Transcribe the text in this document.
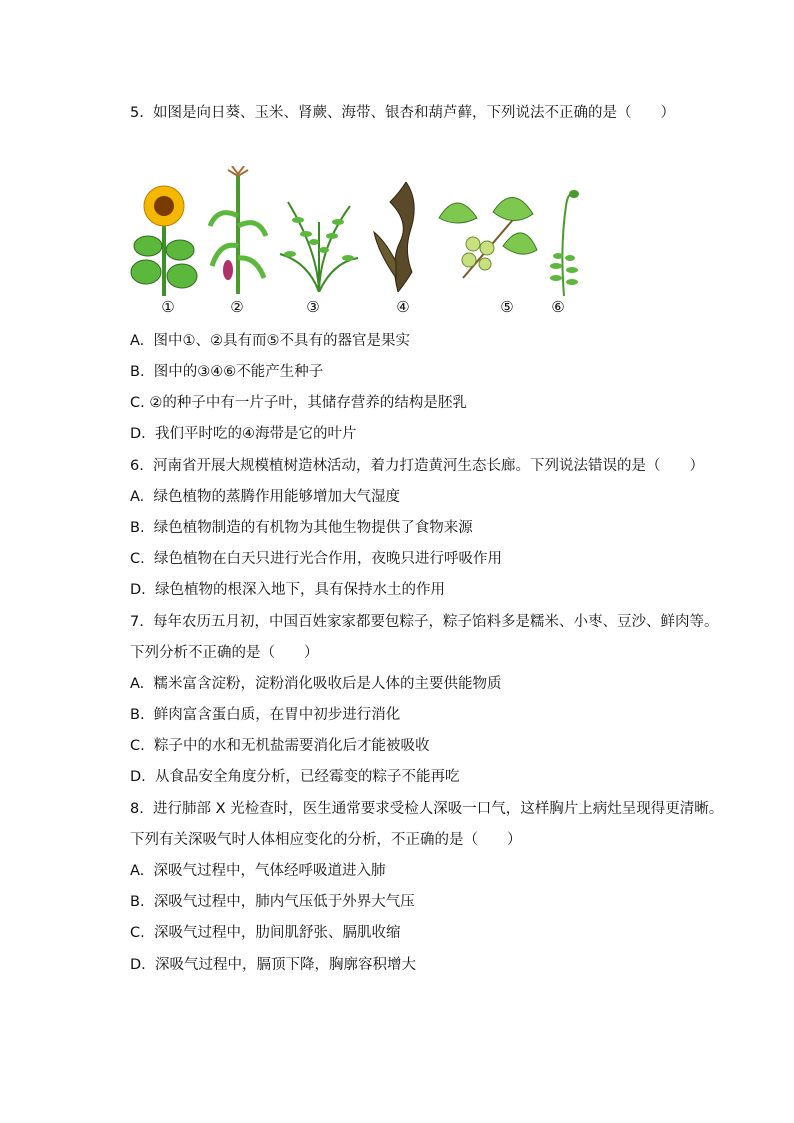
5.  如图是向日葵、玉米、肾蕨、海带、银杏和葫芦藓，下列说法不正确的是（　　）
①	②	③	④	⑤	⑥
A.  图中①、②具有而⑤不具有的器官是果实
B.  图中的③④⑥不能产生种子
C. ②的种子中有一片子叶，其储存营养的结构是胚乳
D.  我们平时吃的④海带是它的叶片
6.  河南省开展大规模植树造林活动，着力打造黄河生态长廊。下列说法错误的是（　　）
A.  绿色植物的蒸腾作用能够增加大气湿度
B.  绿色植物制造的有机物为其他生物提供了食物来源
C.  绿色植物在白天只进行光合作用，夜晚只进行呼吸作用
D.  绿色植物的根深入地下，具有保持水土的作用
7.  每年农历五月初，中国百姓家家都要包粽子，粽子馅料多是糯米、小枣、豆沙、鲜肉等。
下列分析不正确的是（　　）
A.  糯米富含淀粉，淀粉消化吸收后是人体的主要供能物质
B.  鲜肉富含蛋白质，在胃中初步进行消化
C.  粽子中的水和无机盐需要消化后才能被吸收
D.  从食品安全角度分析，已经霉变的粽子不能再吃
8.  进行肺部 X 光检查时，医生通常要求受检人深吸一口气，这样胸片上病灶呈现得更清晰。
下列有关深吸气时人体相应变化的分析，不正确的是（　　）
A.  深吸气过程中，气体经呼吸道进入肺
B.  深吸气过程中，肺内气压低于外界大气压
C.  深吸气过程中，肋间肌舒张、膈肌收缩
D.  深吸气过程中，膈顶下降，胸廓容积增大
